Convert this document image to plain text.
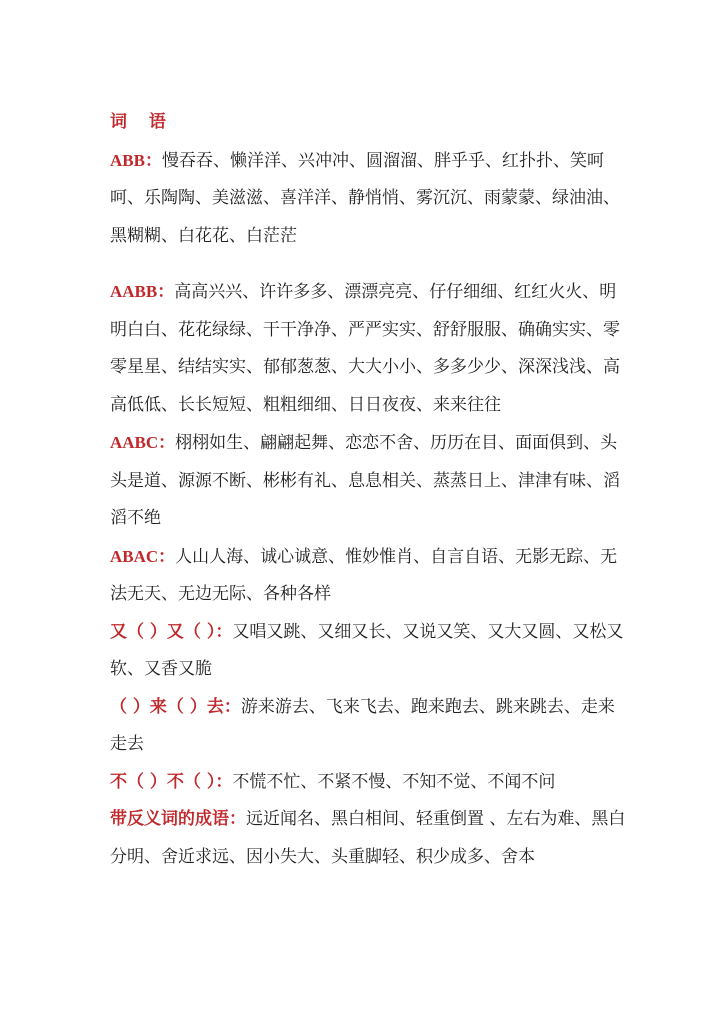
词 语

ABB：慢吞吞、懒洋洋、兴冲冲、圆溜溜、胖乎乎、红扑扑、笑呵呵、乐陶陶、美滋滋、喜洋洋、静悄悄、雾沉沉、雨蒙蒙、绿油油、黑糊糊、白花花、白茫茫

AABB：高高兴兴、许许多多、漂漂亮亮、仔仔细细、红红火火、明明白白、花花绿绿、干干净净、严严实实、舒舒服服、确确实实、零零星星、结结实实、郁郁葱葱、大大小小、多多少少、深深浅浅、高高低低、长长短短、粗粗细细、日日夜夜、来来往往

AABC：栩栩如生、翩翩起舞、恋恋不舍、历历在目、面面俱到、头头是道、源源不断、彬彬有礼、息息相关、蒸蒸日上、津津有味、滔滔不绝

ABAC：人山人海、诚心诚意、惟妙惟肖、自言自语、无影无踪、无法无天、无边无际、各种各样

又（ ）又（ ）：又唱又跳、又细又长、又说又笑、又大又圆、又松又软、又香又脆

（ ）来（ ）去：游来游去、飞来飞去、跑来跑去、跳来跳去、走来走去

不（ ）不（ ）：不慌不忙、不紧不慢、不知不觉、不闻不问

带反义词的成语：远近闻名、黑白相间、轻重倒置 、左右为难、黑白分明、舍近求远、因小失大、头重脚轻、积少成多、舍本
